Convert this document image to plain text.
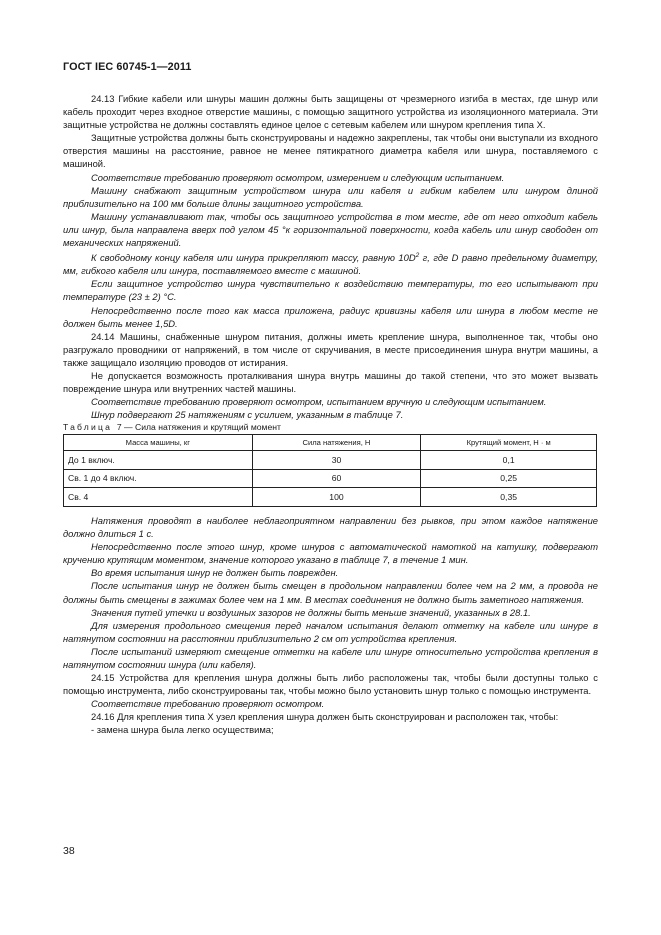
ГОСТ IEC 60745-1—2011

24.13 Гибкие кабели или шнуры машин должны быть защищены от чрезмерного изгиба в местах, где шнур или кабель проходит через входное отверстие машины, с помощью защитного устройства из изоляционного материала. Эти защитные устройства не должны составлять единое целое с сетевым кабелем или шнуром крепления типа X.

Защитные устройства должны быть сконструированы и надежно закреплены, так чтобы они выступали из входного отверстия машины на расстояние, равное не менее пятикратного диаметра кабеля или шнура, поставляемого с машиной.

Соответствие требованию проверяют осмотром, измерением и следующим испытанием.

Машину снабжают защитным устройством шнура или кабеля и гибким кабелем или шнуром длиной приблизительно на 100 мм больше длины защитного устройства.

Машину устанавливают так, чтобы ось защитного устройства в том месте, где от него отходит кабель или шнур, была направлена вверх под углом 45 °к горизонтальной поверхности, когда кабель или шнур свободен от механических напряжений.

К свободному концу кабеля или шнура прикрепляют массу, равную $10D^2$ г, где D равно предельному диаметру, мм, гибкого кабеля или шнура, поставляемого вместе с машиной.

Если защитное устройство шнура чувствительно к воздействию температуры, то его испытывают при температуре (23 ± 2) °С.

Непосредственно после того как масса приложена, радиус кривизны кабеля или шнура в любом месте не должен быть менее 1,5D.

24.14 Машины, снабженные шнуром питания, должны иметь крепление шнура, выполненное так, чтобы оно разгружало проводники от напряжений, в том числе от скручивания, в месте присоединения шнура внутри машины, а также защищало изоляцию проводов от истирания.

Не допускается возможность проталкивания шнура внутрь машины до такой степени, что это может вызвать повреждение шнура или внутренних частей машины.

Соответствие требованию проверяют осмотром, испытанием вручную и следующим испытанием.

Шнур подвергают 25 натяжениям с усилием, указанным в таблице 7.

Таблица 7 — Сила натяжения и крутящий момент

Масса машины, кг	Сила натяжения, Н	Крутящий момент, Н · м
До 1 включ.	30	0,1
Св. 1 до 4 включ.	60	0,25
Св. 4	100	0,35

Натяжения проводят в наиболее неблагоприятном направлении без рывков, при этом каждое натяжение должно длиться 1 с.

Непосредственно после этого шнур, кроме шнуров с автоматической намоткой на катушку, подвергают кручению крутящим моментом, значение которого указано в таблице 7, в течение 1 мин.

Во время испытания шнур не должен быть поврежден.

После испытания шнур не должен быть смещен в продольном направлении более чем на 2 мм, а провода не должны быть смещены в зажимах более чем на 1 мм. В местах соединения не должно быть заметного натяжения.

Значения путей утечки и воздушных зазоров не должны быть меньше значений, указанных в 28.1.

Для измерения продольного смещения перед началом испытания делают отметку на кабеле или шнуре в натянутом состоянии на расстоянии приблизительно 2 см от устройства крепления.

После испытаний измеряют смещение отметки на кабеле или шнуре относительно устройства крепления в натянутом состоянии шнура (или кабеля).

24.15 Устройства для крепления шнура должны быть либо расположены так, чтобы были доступны только с помощью инструмента, либо сконструированы так, чтобы можно было установить шнур только с помощью инструмента.

Соответствие требованию проверяют осмотром.

24.16 Для крепления типа X узел крепления шнура должен быть сконструирован и расположен так, чтобы:

- замена шнура была легко осуществима;

38
